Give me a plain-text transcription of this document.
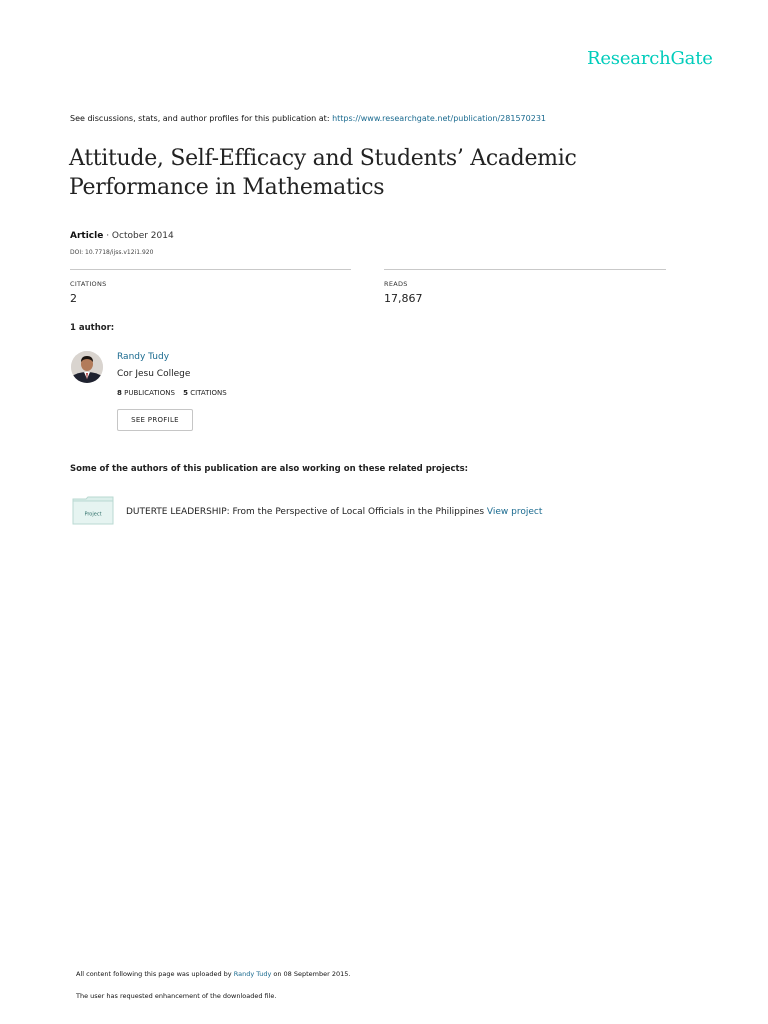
ResearchGate
See discussions, stats, and author profiles for this publication at: https://www.researchgate.net/publication/281570231
Attitude, Self-Efficacy and Students’ Academic
Performance in Mathematics
Article · October 2014
DOI: 10.7718/ijss.v12i1.920
CITATIONS
2
READS
17,867
1 author:
Randy Tudy
Cor Jesu College
8 PUBLICATIONS 5 CITATIONS
SEE PROFILE
Some of the authors of this publication are also working on these related projects:
Project	DUTERTE LEADERSHIP: From the Perspective of Local Officials in the Philippines View project
All content following this page was uploaded by Randy Tudy on 08 September 2015.
The user has requested enhancement of the downloaded file.
